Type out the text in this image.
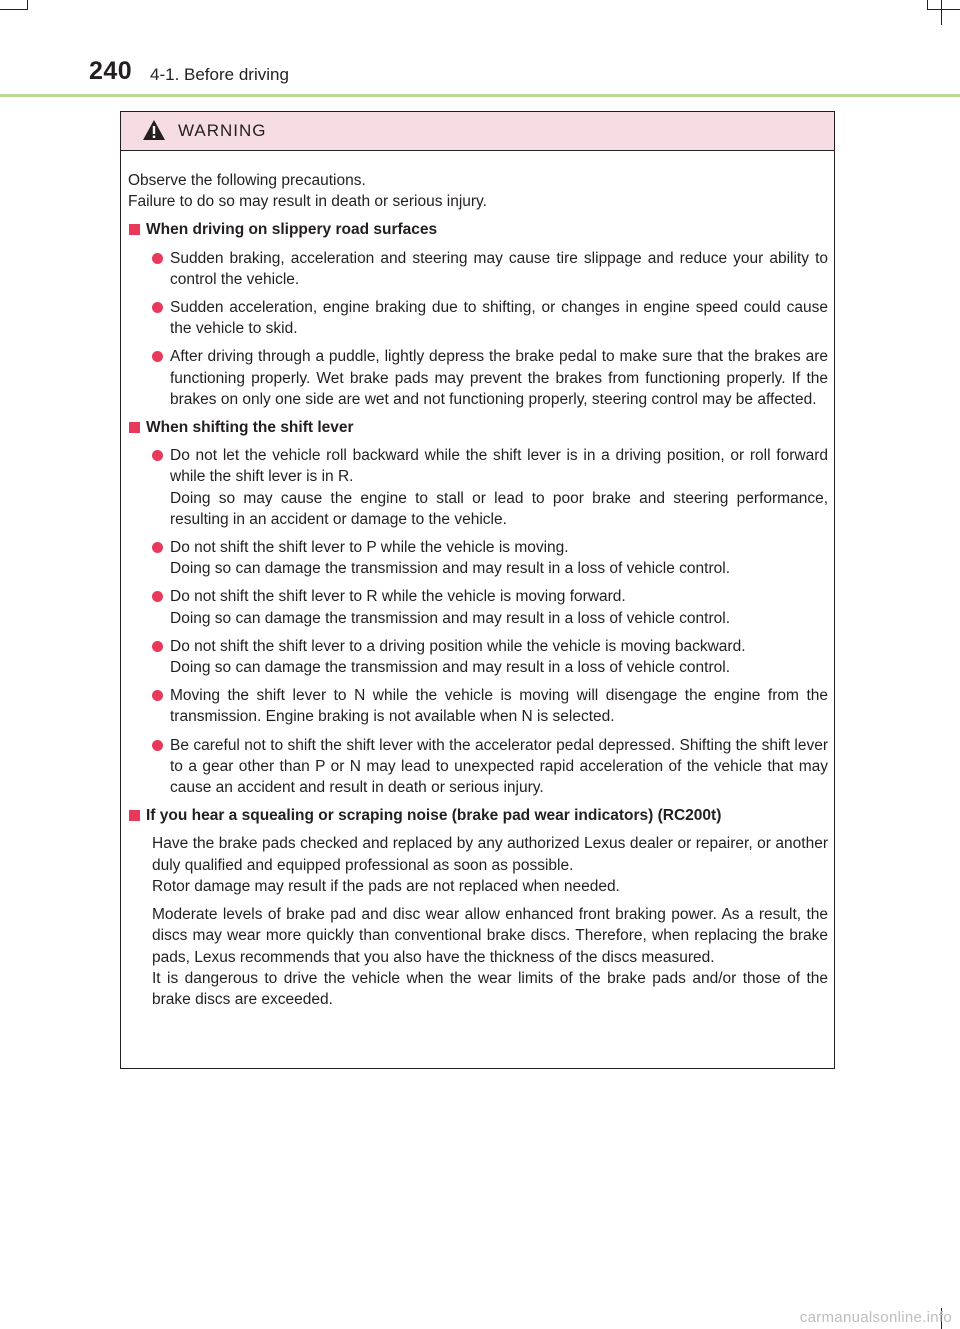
240 4-1. Before driving
WARNING
Observe the following precautions.
Failure to do so may result in death or serious injury.
When driving on slippery road surfaces

Sudden braking, acceleration and steering may cause tire slippage and reduce your ability to control the vehicle.

Sudden acceleration, engine braking due to shifting, or changes in engine speed could cause the vehicle to skid.

After driving through a puddle, lightly depress the brake pedal to make sure that the brakes are functioning properly. Wet brake pads may prevent the brakes from functioning properly. If the brakes on only one side are wet and not functioning properly, steering control may be affected.

When shifting the shift lever

Do not let the vehicle roll backward while the shift lever is in a driving position, or roll forward while the shift lever is in R.

Doing so may cause the engine to stall or lead to poor brake and steering performance, resulting in an accident or damage to the vehicle.

Do not shift the shift lever to P while the vehicle is moving.

Doing so can damage the transmission and may result in a loss of vehicle control.

Do not shift the shift lever to R while the vehicle is moving forward.

Doing so can damage the transmission and may result in a loss of vehicle control.

Do not shift the shift lever to a driving position while the vehicle is moving backward.

Doing so can damage the transmission and may result in a loss of vehicle control.

Moving the shift lever to N while the vehicle is moving will disengage the engine from the transmission. Engine braking is not available when N is selected.

Be careful not to shift the shift lever with the accelerator pedal depressed. Shifting the shift lever to a gear other than P or N may lead to unexpected rapid acceleration of the vehicle that may cause an accident and result in death or serious injury.

If you hear a squealing or scraping noise (brake pad wear indicators) (RC200t)

Have the brake pads checked and replaced by any authorized Lexus dealer or repairer, or another duly qualified and equipped professional as soon as possible.

Rotor damage may result if the pads are not replaced when needed.

Moderate levels of brake pad and disc wear allow enhanced front braking power. As a result, the discs may wear more quickly than conventional brake discs. Therefore, when replacing the brake pads, Lexus recommends that you also have the thickness of the discs measured.

It is dangerous to drive the vehicle when the wear limits of the brake pads and/or those of the brake discs are exceeded.

carmanualsonline.info
